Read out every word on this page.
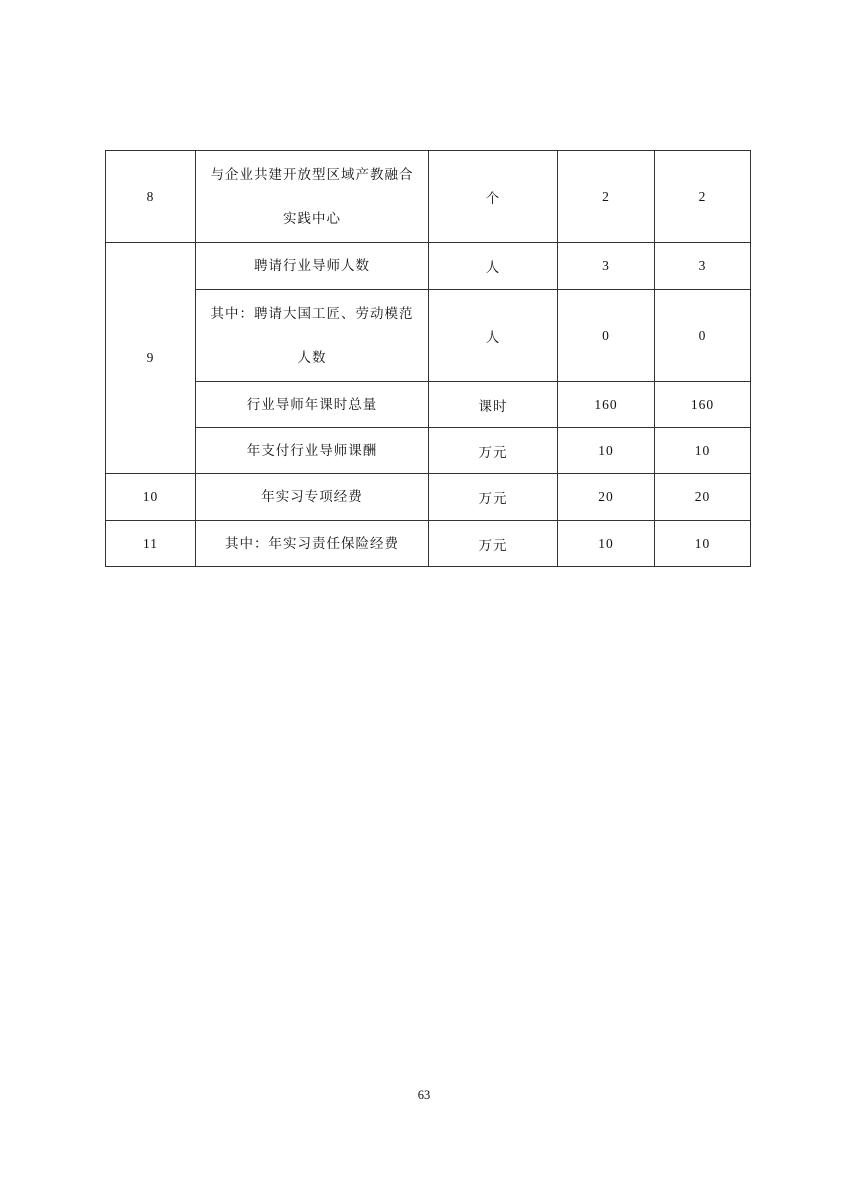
8	与企业共建开放型区域产教融合实践中心	个	2	2
9	聘请行业导师人数	人	3	3
	其中：聘请大国工匠、劳动模范人数	人	0	0
	行业导师年课时总量	课时	160	160
	年支付行业导师课酬	万元	10	10
10	年实习专项经费	万元	20	20
11	其中：年实习责任保险经费	万元	10	10
63
